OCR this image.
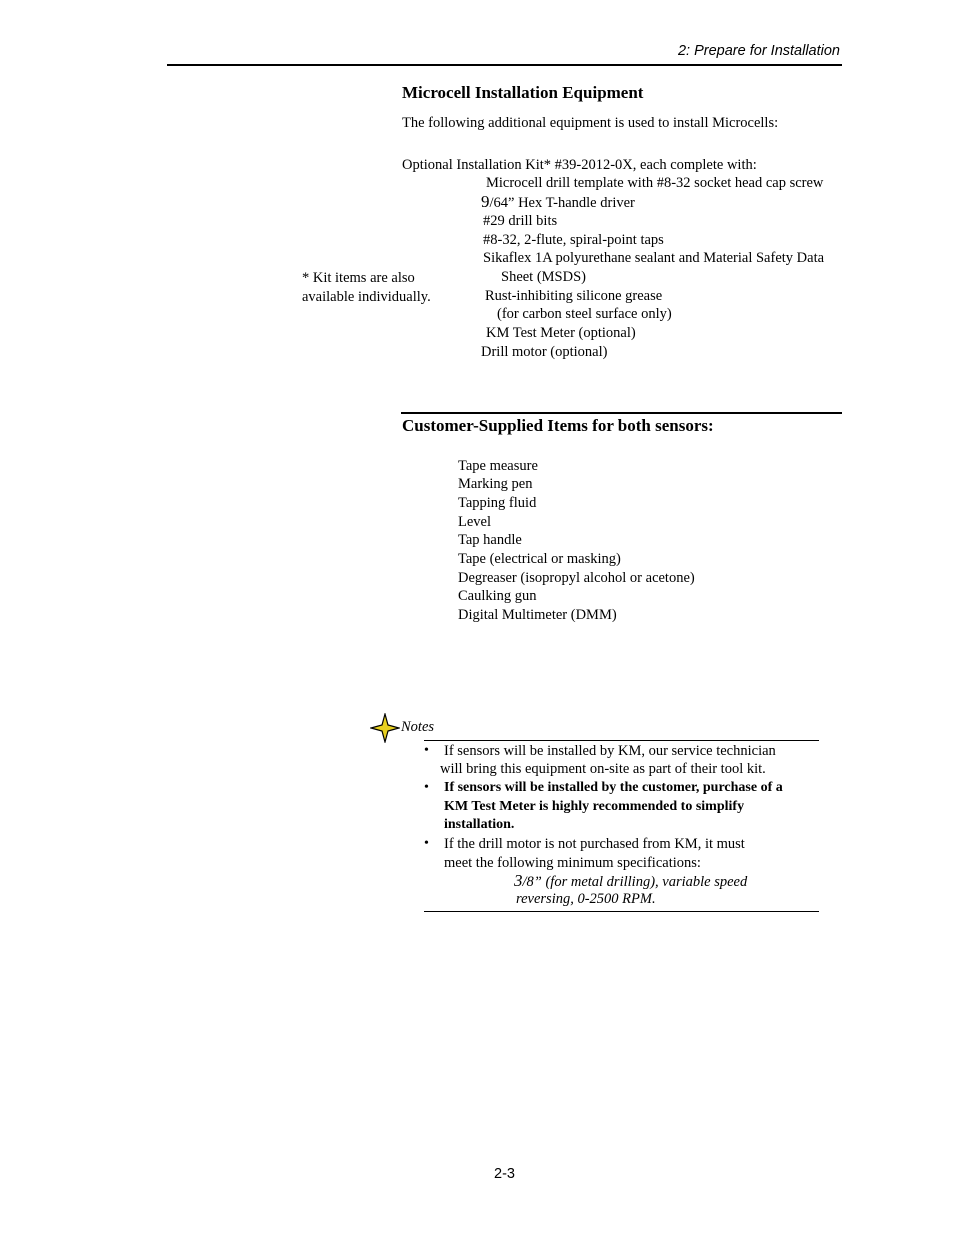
2: Prepare for Installation
Microcell Installation Equipment
The following additional equipment is used to install Microcells:
Optional Installation Kit* #39-2012-0X, each complete with:
Microcell drill template with #8-32 socket head cap screw
9/64” Hex T-handle driver
#29 drill bits
#8-32, 2-flute, spiral-point taps
Sikaflex 1A polyurethane sealant and Material Safety Data
Sheet (MSDS)
Rust-inhibiting silicone grease
(for carbon steel surface only)
KM Test Meter (optional)
Drill motor (optional)
* Kit items are also
available individually.
Customer-Supplied Items for both sensors:
Tape measure
Marking pen
Tapping fluid
Level
Tap handle
Tape (electrical or masking)
Degreaser (isopropyl alcohol or acetone)
Caulking gun
Digital Multimeter (DMM)
Notes
• If sensors will be installed by KM, our service technician
will bring this equipment on-site as part of their tool kit.
• If sensors will be installed by the customer, purchase of a
KM Test Meter is highly recommended to simplify
installation.
• If the drill motor is not purchased from KM, it must
meet the following minimum specifications:
3/8” (for metal drilling), variable speed
reversing, 0-2500 RPM.
2-3
